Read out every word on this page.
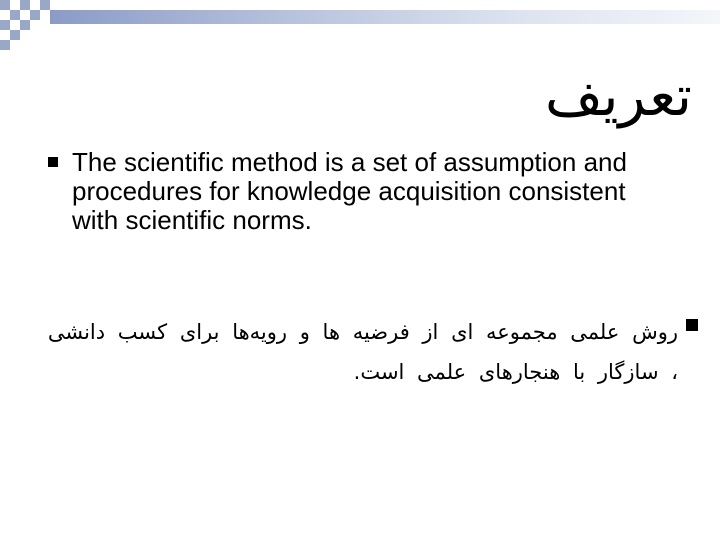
تعریف
The scientific method is a set of assumption and procedures for knowledge acquisition consistent with scientific norms.
روش علمی مجموعه ای از فرضیه ها و رویه‌ها برای کسب دانشی ، سازگار با هنجارهای علمی است.
